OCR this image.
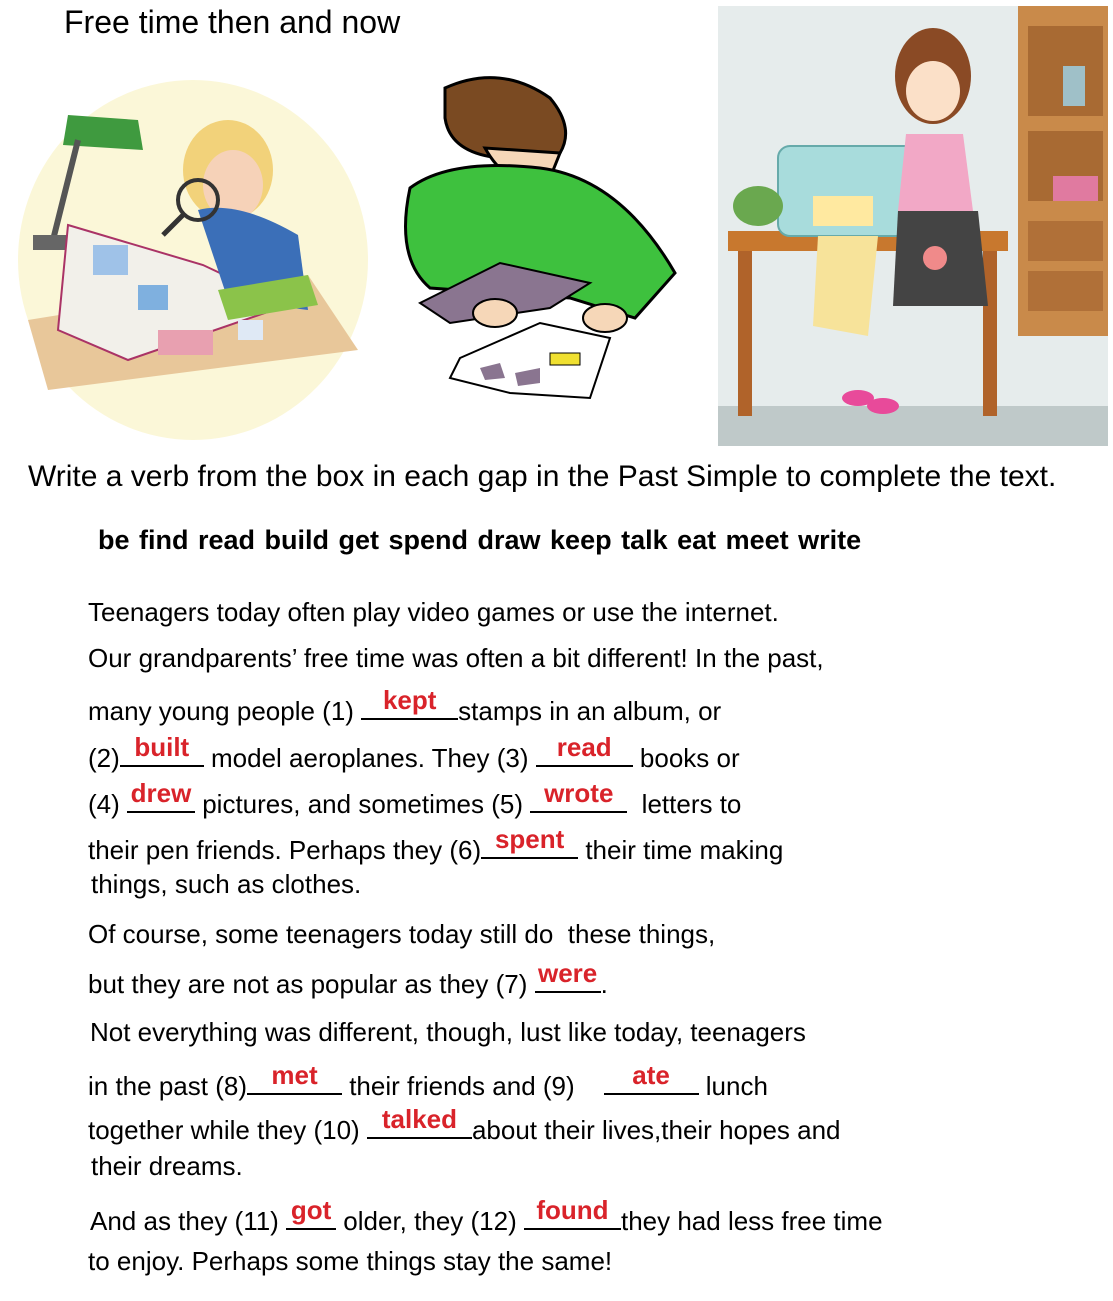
Free time then and now
Write a verb from the box in each gap in the Past Simple to complete the text.
be find read build get spend draw keep talk eat meet write
Teenagers today often play video games or use the internet.
Our grandparents’ free time was often a bit different! In the past,
many young people (1) kept stamps in an album, or
(2) built model aeroplanes. They (3) read books or
(4) drew pictures, and sometimes (5) wrote letters to
their pen friends. Perhaps they (6) spent their time making
things, such as clothes.
Of course, some teenagers today still do  these things,
but they are not as popular as they (7) were .
Not everything was different, though, lust like today, teenagers
in the past (8) met their friends and (9)	ate	lunch
together while they (10) talked about their lives,their hopes and
their dreams.
And as they (11) got older, they (12) found they had less free time
to enjoy. Perhaps some things stay the same!
